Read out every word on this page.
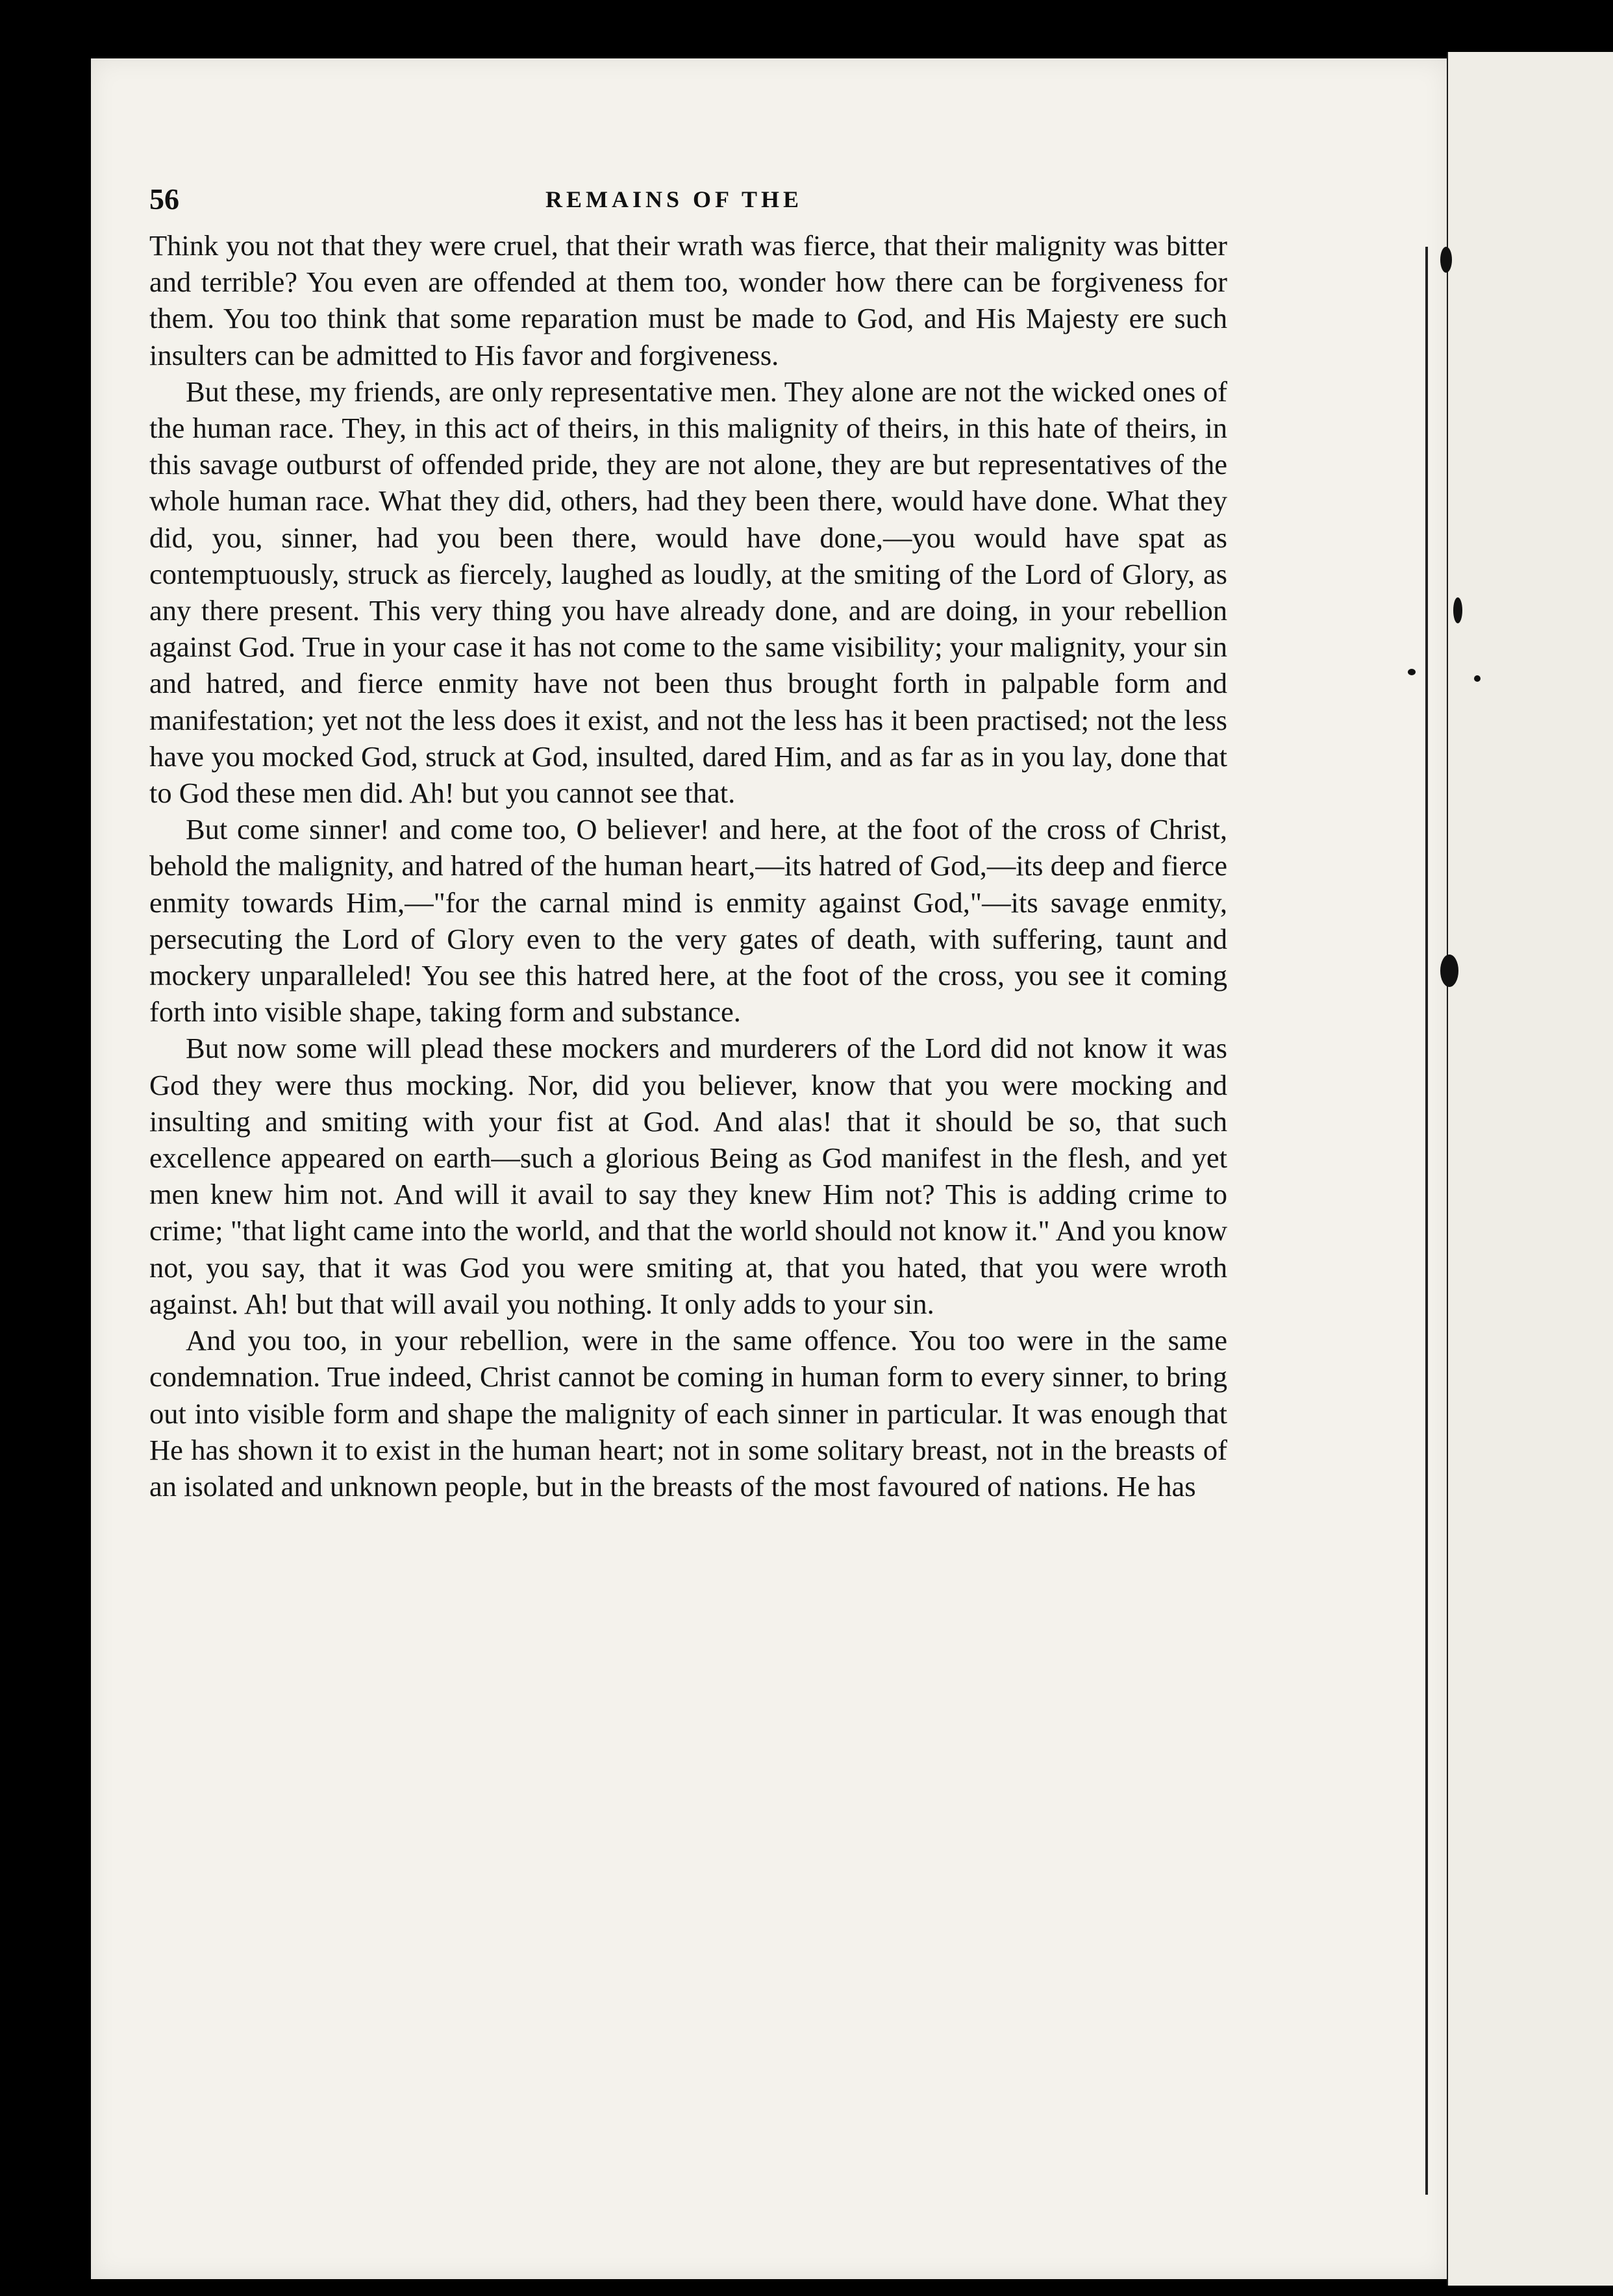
56	REMAINS OF THE

Think you not that they were cruel, that their wrath was fierce, that their malignity was bitter and terrible? You even are offended at them too, wonder how there can be forgiveness for them. You too think that some reparation must be made to God, and His Majesty ere such insulters can be admitted to His favor and forgiveness.

But these, my friends, are only representative men. They alone are not the wicked ones of the human race. They, in this act of theirs, in this malignity of theirs, in this hate of theirs, in this savage outburst of offended pride, they are not alone, they are but representatives of the whole human race. What they did, others, had they been there, would have done. What they did, you, sinner, had you been there, would have done,—you would have spat as contemptuously, struck as fiercely, laughed as loudly, at the smiting of the Lord of Glory, as any there present. This very thing you have already done, and are doing, in your rebellion against God. True in your case it has not come to the same visibility; your malignity, your sin and hatred, and fierce enmity have not been thus brought forth in palpable form and manifestation; yet not the less does it exist, and not the less has it been practised; not the less have you mocked God, struck at God, insulted, dared Him, and as far as in you lay, done that to God these men did. Ah! but you cannot see that.

But come sinner! and come too, O believer! and here, at the foot of the cross of Christ, behold the malignity, and hatred of the human heart,—its hatred of God,—its deep and fierce enmity towards Him,—"for the carnal mind is enmity against God,"—its savage enmity, persecuting the Lord of Glory even to the very gates of death, with suffering, taunt and mockery unparalleled! You see this hatred here, at the foot of the cross, you see it coming forth into visible shape, taking form and substance.

But now some will plead these mockers and murderers of the Lord did not know it was God they were thus mocking. Nor, did you believer, know that you were mocking and insulting and smiting with your fist at God. And alas! that it should be so, that such excellence appeared on earth—such a glorious Being as God manifest in the flesh, and yet men knew him not. And will it avail to say they knew Him not? This is adding crime to crime; "that light came into the world, and that the world should not know it." And you know not, you say, that it was God you were smiting at, that you hated, that you were wroth against. Ah! but that will avail you nothing. It only adds to your sin.

And you too, in your rebellion, were in the same offence. You too were in the same condemnation. True indeed, Christ cannot be coming in human form to every sinner, to bring out into visible form and shape the malignity of each sinner in particular. It was enough that He has shown it to exist in the human heart; not in some solitary breast, not in the breasts of an isolated and unknown people, but in the breasts of the most favoured of nations. He has
